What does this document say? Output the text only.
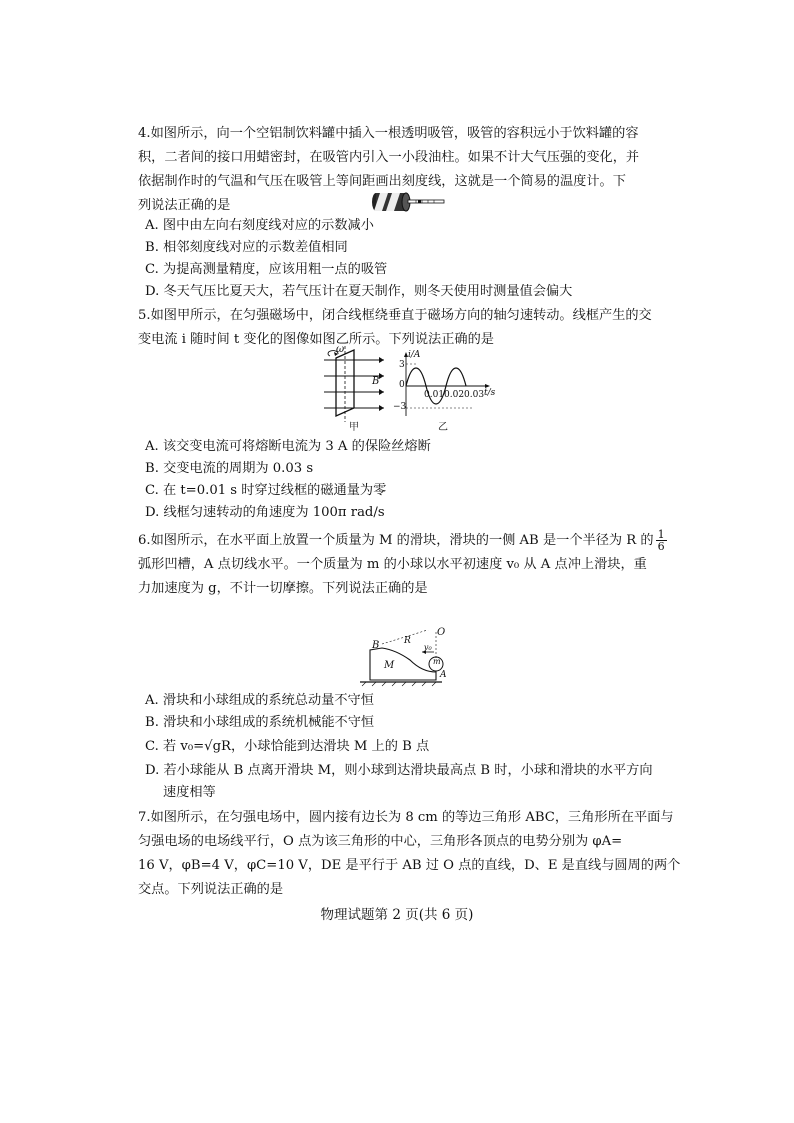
4.如图所示，向一个空铝制饮料罐中插入一根透明吸管，吸管的容积远小于饮料罐的容
积，二者间的接口用蜡密封，在吸管内引入一小段油柱。如果不计大气压强的变化，并
依据制作时的气温和气压在吸管上等间距画出刻度线，这就是一个简易的温度计。下
列说法正确的是
A. 图中由左向右刻度线对应的示数减小
B. 相邻刻度线对应的示数差值相同
C. 为提高测量精度，应该用粗一点的吸管
D. 冬天气压比夏天大，若气压计在夏天制作，则冬天使用时测量值会偏大
5.如图甲所示，在匀强磁场中，闭合线框绕垂直于磁场方向的轴匀速转动。线框产生的交
变电流 i 随时间 t 变化的图像如图乙所示。下列说法正确的是
ω
B
甲
i/A
t/s
3
0
−3
0.01 0.02 0.03
乙
A. 该交变电流可将熔断电流为 3 A 的保险丝熔断
B. 交变电流的周期为 0.03 s
C. 在 t=0.01 s 时穿过线框的磁通量为零
D. 线框匀速转动的角速度为 100π rad/s
6.如图所示，在水平面上放置一个质量为 M 的滑块，滑块的一侧 AB 是一个半径为 R 的 $\frac{1}{6}$
弧形凹槽，A 点切线水平。一个质量为 m 的小球以水平初速度 v₀ 从 A 点冲上滑块，重
力加速度为 g，不计一切摩擦。下列说法正确的是
O
R
B
M	m
A
v₀
A. 滑块和小球组成的系统总动量不守恒
B. 滑块和小球组成的系统机械能不守恒
C. 若 v₀=√gR，小球恰能到达滑块 M 上的 B 点
D. 若小球能从 B 点离开滑块 M，则小球到达滑块最高点 B 时，小球和滑块的水平方向
速度相等
7.如图所示，在匀强电场中，圆内接有边长为 8 cm 的等边三角形 ABC，三角形所在平面与
匀强电场的电场线平行，O 点为该三角形的中心，三角形各顶点的电势分别为 φA=
16 V，φB=4 V，φC=10 V，DE 是平行于 AB 过 O 点的直线，D、E 是直线与圆周的两个
交点。下列说法正确的是
物理试题第 2 页(共 6 页)
